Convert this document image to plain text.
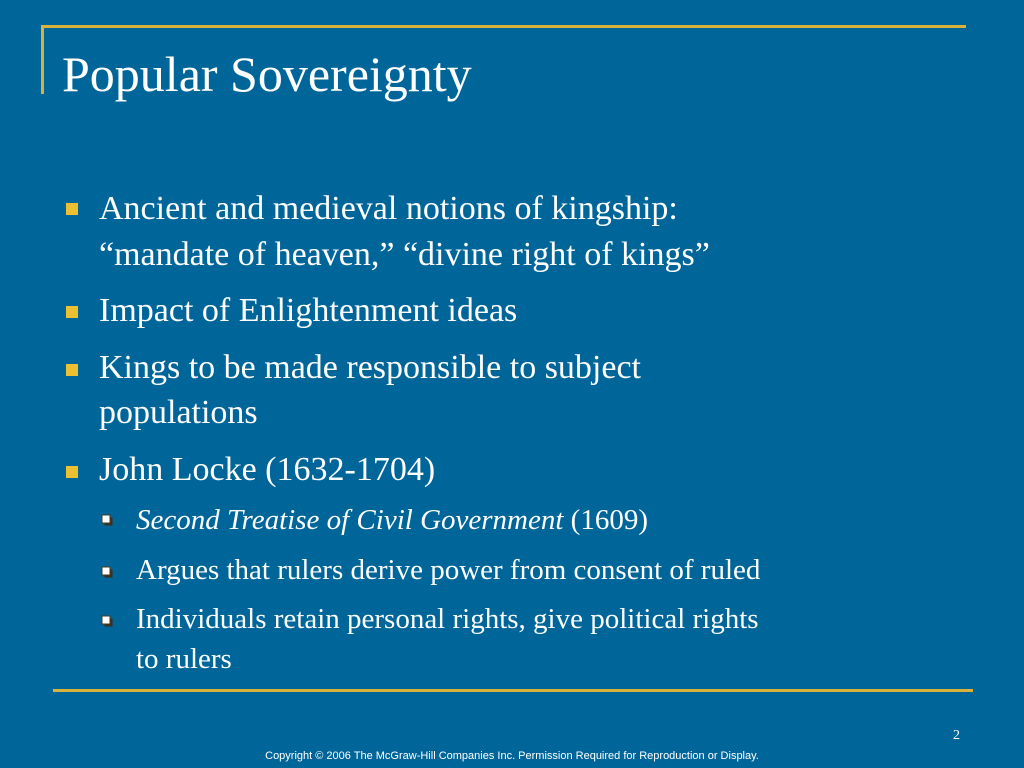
Popular Sovereignty
Ancient and medieval notions of kingship:
“mandate of heaven,” “divine right of kings”
Impact of Enlightenment ideas
Kings to be made responsible to subject
populations
John Locke (1632-1704)
Second Treatise of Civil Government (1609)
Argues that rulers derive power from consent of ruled
Individuals retain personal rights, give political rights
to rulers
2
Copyright © 2006 The McGraw-Hill Companies Inc. Permission Required for Reproduction or Display.
